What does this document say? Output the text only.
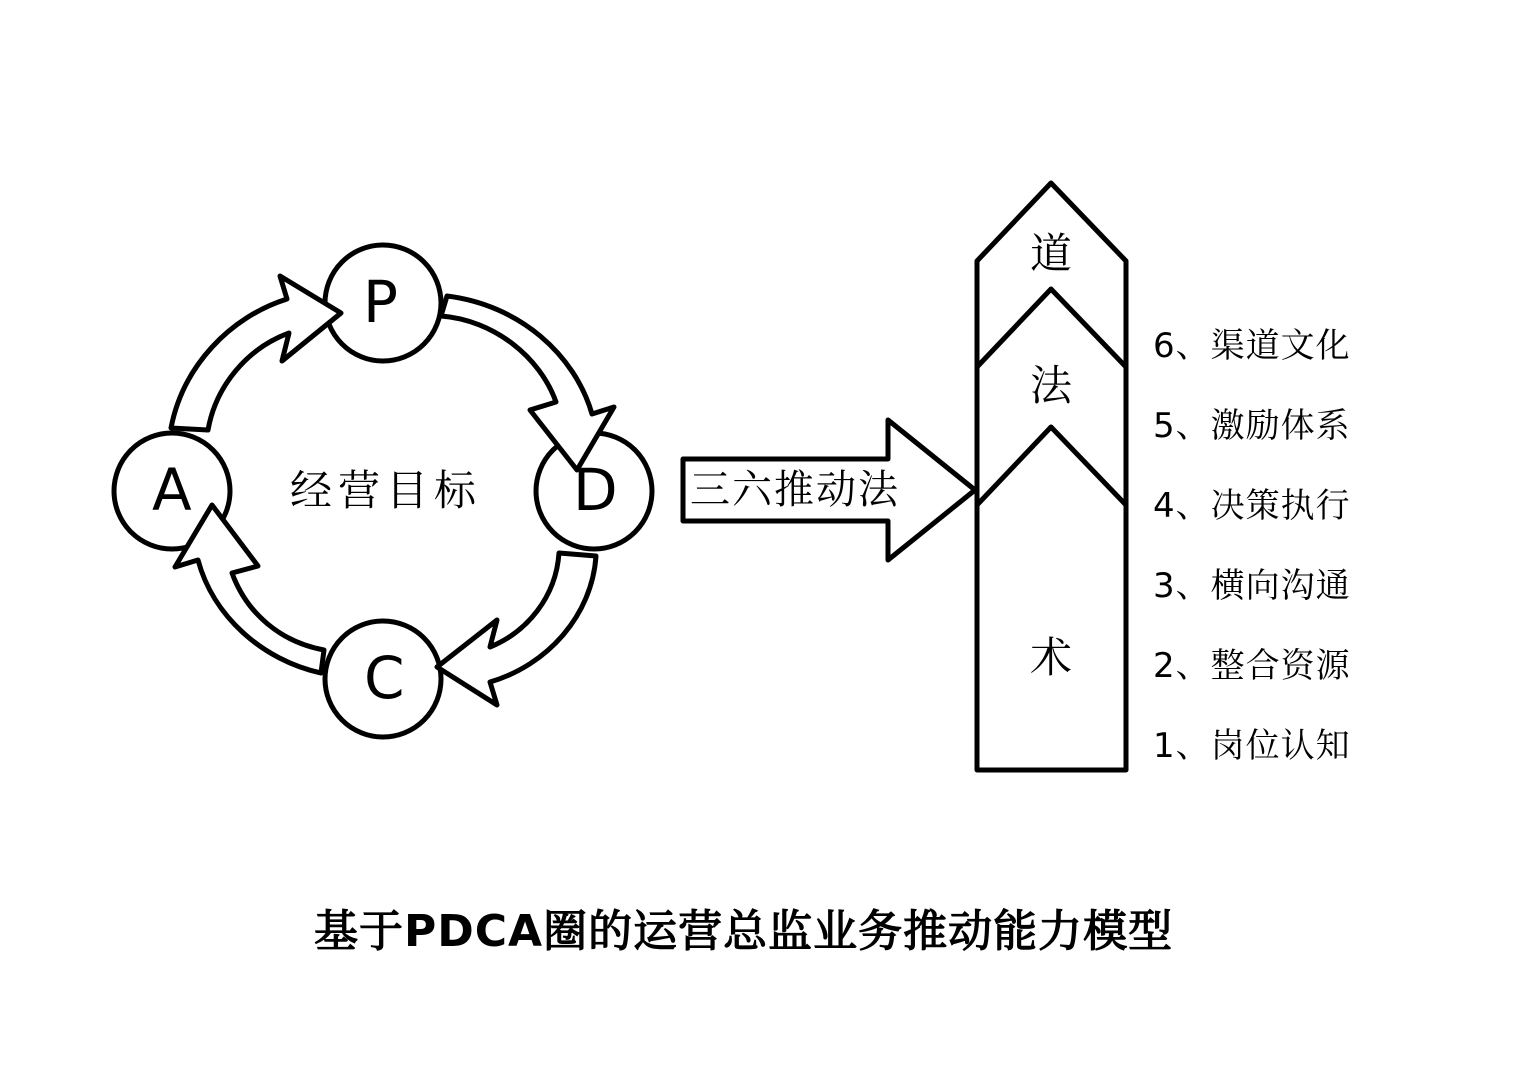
P
D
C
A 经营目标	三六推动法
道
法
术
6、渠道文化
5、激励体系
4、决策执行
3、横向沟通
2、整合资源
1、岗位认知
基于PDCA圈的运营总监业务推动能力模型
